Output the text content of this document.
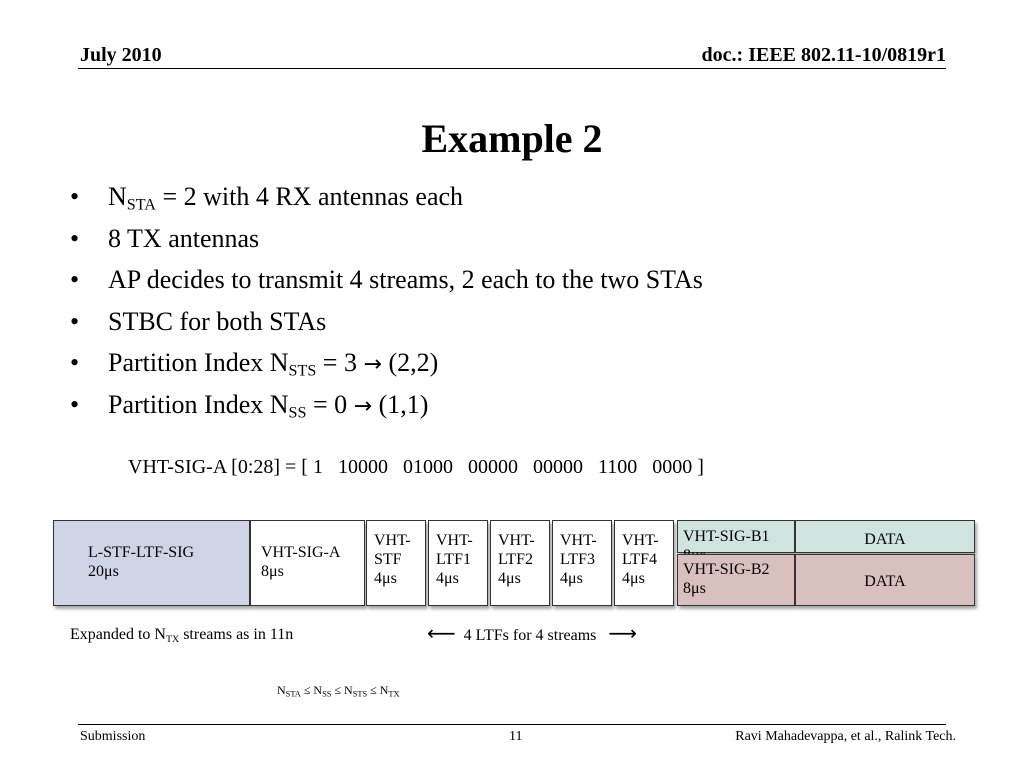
July 2010	doc.: IEEE 802.11-10/0819r1
Example 2
• $N_{STA} = 2$ with 4 RX antennas each
• 8 TX antennas
• AP decides to transmit 4 streams, 2 each to the two STAs
• STBC for both STAs
• Partition Index $N_{STS} = 3 \to (2,2)$
• Partition Index $N_{SS} = 0 \to (1,1)$
VHT-SIG-A [0:28] = [ 1   10000   01000   00000   00000   1100   0000 ]
L-STF-LTF-SIG
20μs
VHT-SIG-A
8μs
VHT-
STF
4μs
VHT-
LTF1
4μs
VHT-
LTF2
4μs
VHT-
LTF3
4μs
VHT-
LTF4
4μs
VHT-SIG-B1
VHT-SIG-B2
8μs
DATA
DATA
Expanded to $N_{TX}$ streams as in 11n	⟵ 4 LTFs for 4 streams ⟶
$N_{STA} \le N_{SS} \le N_{STS} \le N_{TX}$
Submission	11	Ravi Mahadevappa, et al., Ralink Tech.
